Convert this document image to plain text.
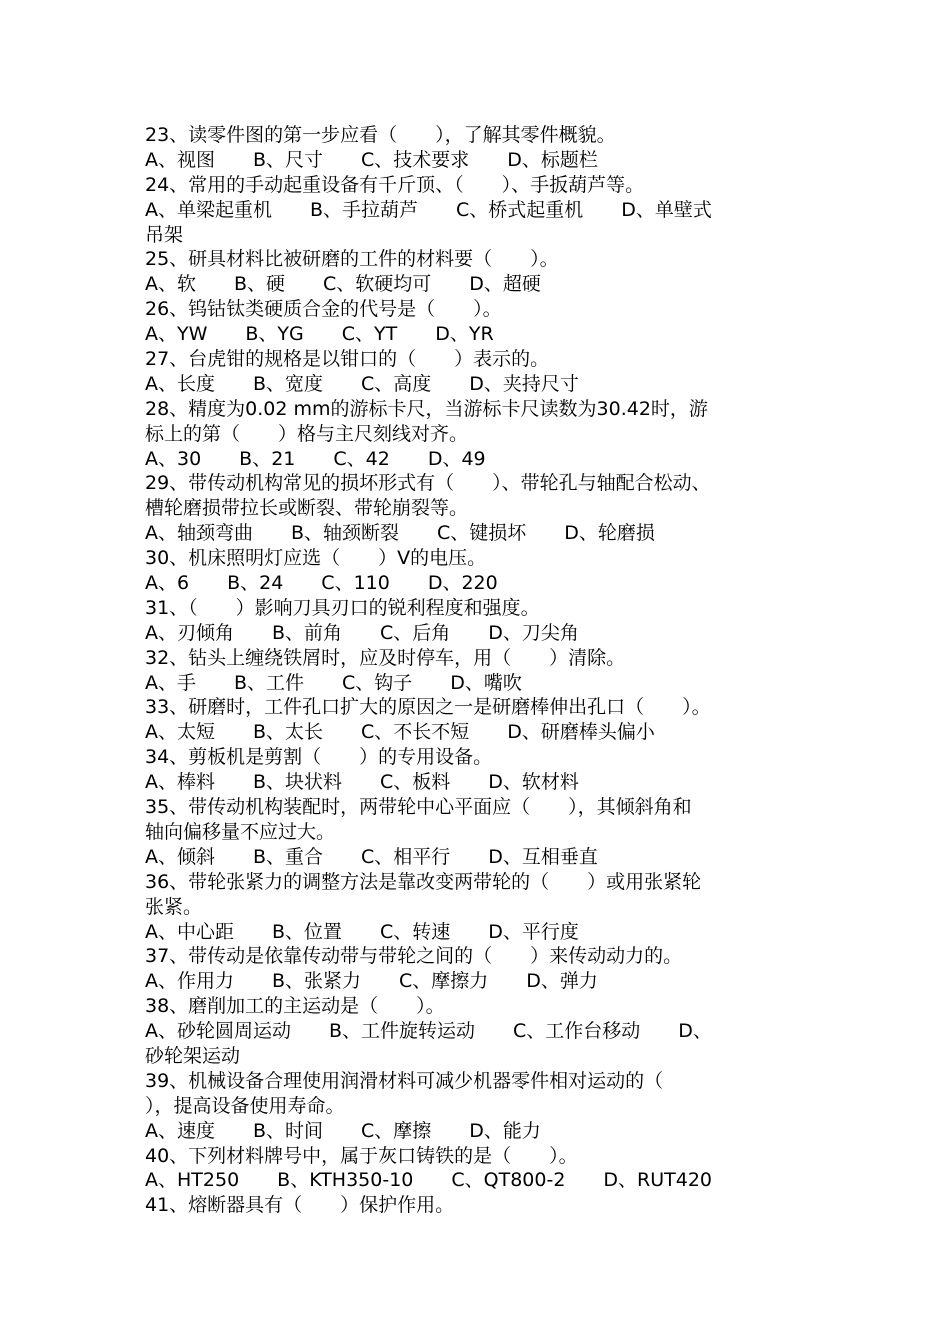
23、读零件图的第一步应看（　　），了解其零件概貌。
A、视图　　B、尺寸　　C、技术要求　　D、标题栏
24、常用的手动起重设备有千斤顶、（　　）、手扳葫芦等。
A、单梁起重机　　B、手拉葫芦　　C、桥式起重机　　D、单壁式
吊架
25、研具材料比被研磨的工件的材料要（　　）。
A、软　　B、硬　　C、软硬均可　　D、超硬
26、钨钴钛类硬质合金的代号是（　　）。
A、YW　　B、YG　　C、YT　　D、YR
27、台虎钳的规格是以钳口的（　　）表示的。
A、长度　　B、宽度　　C、高度　　D、夹持尺寸
28、精度为0.02 mm的游标卡尺，当游标卡尺读数为30.42时，游
标上的第（　　）格与主尺刻线对齐。
A、30　　B、21　　C、42　　D、49
29、带传动机构常见的损坏形式有（　　）、带轮孔与轴配合松动、
槽轮磨损带拉长或断裂、带轮崩裂等。
A、轴颈弯曲　　B、轴颈断裂　　C、键损坏　　D、轮磨损
30、机床照明灯应选（　　）V的电压。
A、6　　B、24　　C、110　　D、220
31、（　　）影响刀具刃口的锐利程度和强度。
A、刃倾角　　B、前角　　C、后角　　D、刀尖角
32、钻头上缠绕铁屑时，应及时停车，用（　　）清除。
A、手　　B、工件　　C、钩子　　D、嘴吹
33、研磨时，工件孔口扩大的原因之一是研磨棒伸出孔口（　　）。
A、太短　　B、太长　　C、不长不短　　D、研磨棒头偏小
34、剪板机是剪割（　　）的专用设备。
A、棒料　　B、块状料　　C、板料　　D、软材料
35、带传动机构装配时，两带轮中心平面应（　　），其倾斜角和
轴向偏移量不应过大。
A、倾斜　　B、重合　　C、相平行　　D、互相垂直
36、带轮张紧力的调整方法是靠改变两带轮的（　　）或用张紧轮
张紧。
A、中心距　　B、位置　　C、转速　　D、平行度
37、带传动是依靠传动带与带轮之间的（　　）来传动动力的。
A、作用力　　B、张紧力　　C、摩擦力　　D、弹力
38、磨削加工的主运动是（　　）。
A、砂轮圆周运动　　B、工件旋转运动　　C、工作台移动　　D、
砂轮架运动
39、机械设备合理使用润滑材料可减少机器零件相对运动的（
），提高设备使用寿命。
A、速度　　B、时间　　C、摩擦　　D、能力
40、下列材料牌号中，属于灰口铸铁的是（　　）。
A、HT250　　B、KTH350-10　　C、QT800-2　　D、RUT420
41、熔断器具有（　　）保护作用。
